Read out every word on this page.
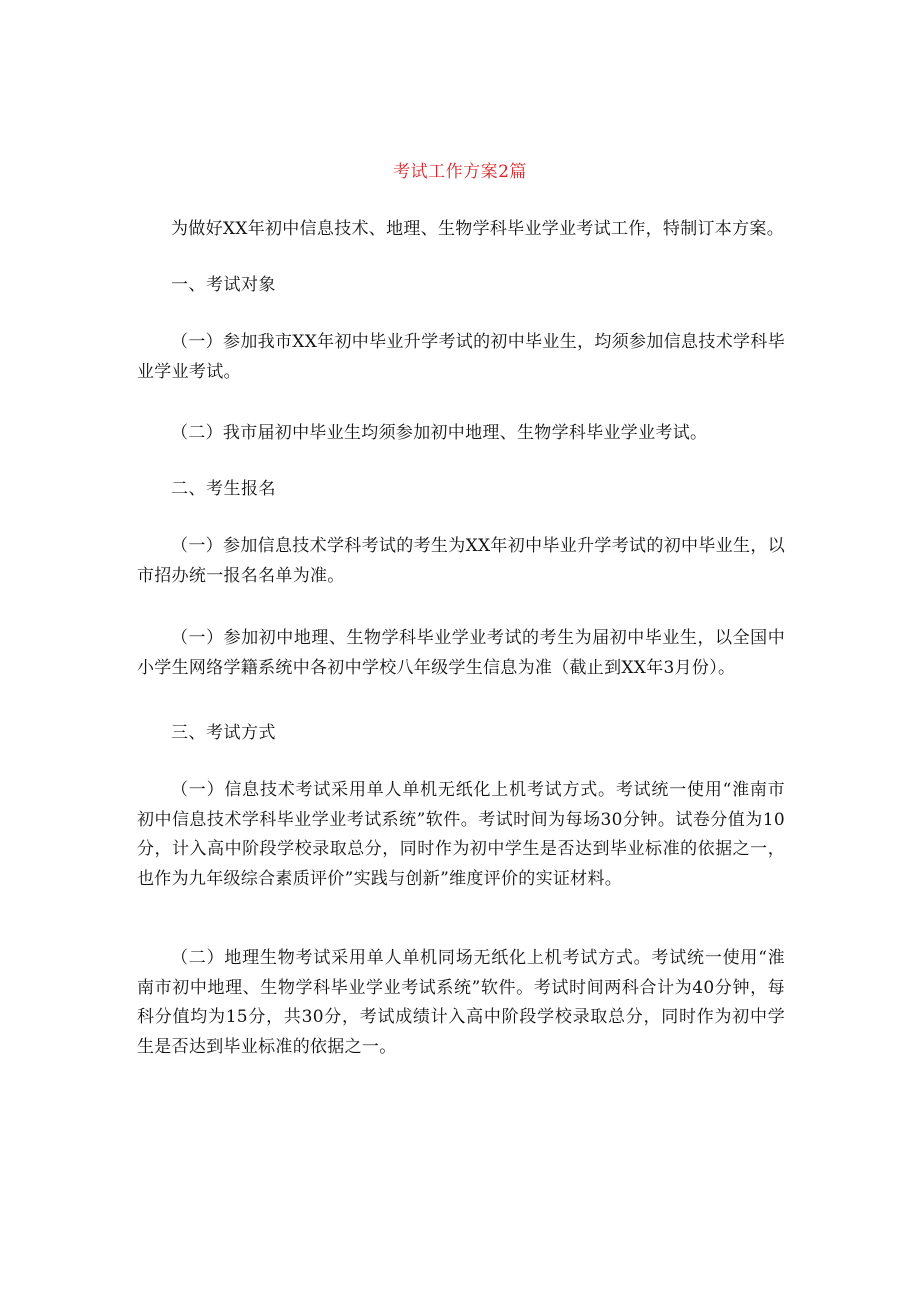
考试工作方案2篇

为做好XX年初中信息技术、地理、生物学科毕业学业考试工作，特制订本方案。

一、考试对象

（一）参加我市XX年初中毕业升学考试的初中毕业生，均须参加信息技术学科毕业学业考试。

（二）我市届初中毕业生均须参加初中地理、生物学科毕业学业考试。

二、考生报名

（一）参加信息技术学科考试的考生为XX年初中毕业升学考试的初中毕业生，以市招办统一报名名单为准。

（一）参加初中地理、生物学科毕业学业考试的考生为届初中毕业生，以全国中小学生网络学籍系统中各初中学校八年级学生信息为准（截止到XX年3月份）。

三、考试方式

（一）信息技术考试采用单人单机无纸化上机考试方式。考试统一使用“淮南市初中信息技术学科毕业学业考试系统”软件。考试时间为每场30分钟。试卷分值为10分，计入高中阶段学校录取总分，同时作为初中学生是否达到毕业标准的依据之一，也作为九年级综合素质评价”实践与创新”维度评价的实证材料。

（二）地理生物考试采用单人单机同场无纸化上机考试方式。考试统一使用“淮南市初中地理、生物学科毕业学业考试系统”软件。考试时间两科合计为40分钟，每科分值均为15分，共30分，考试成绩计入高中阶段学校录取总分，同时作为初中学生是否达到毕业标准的依据之一。
